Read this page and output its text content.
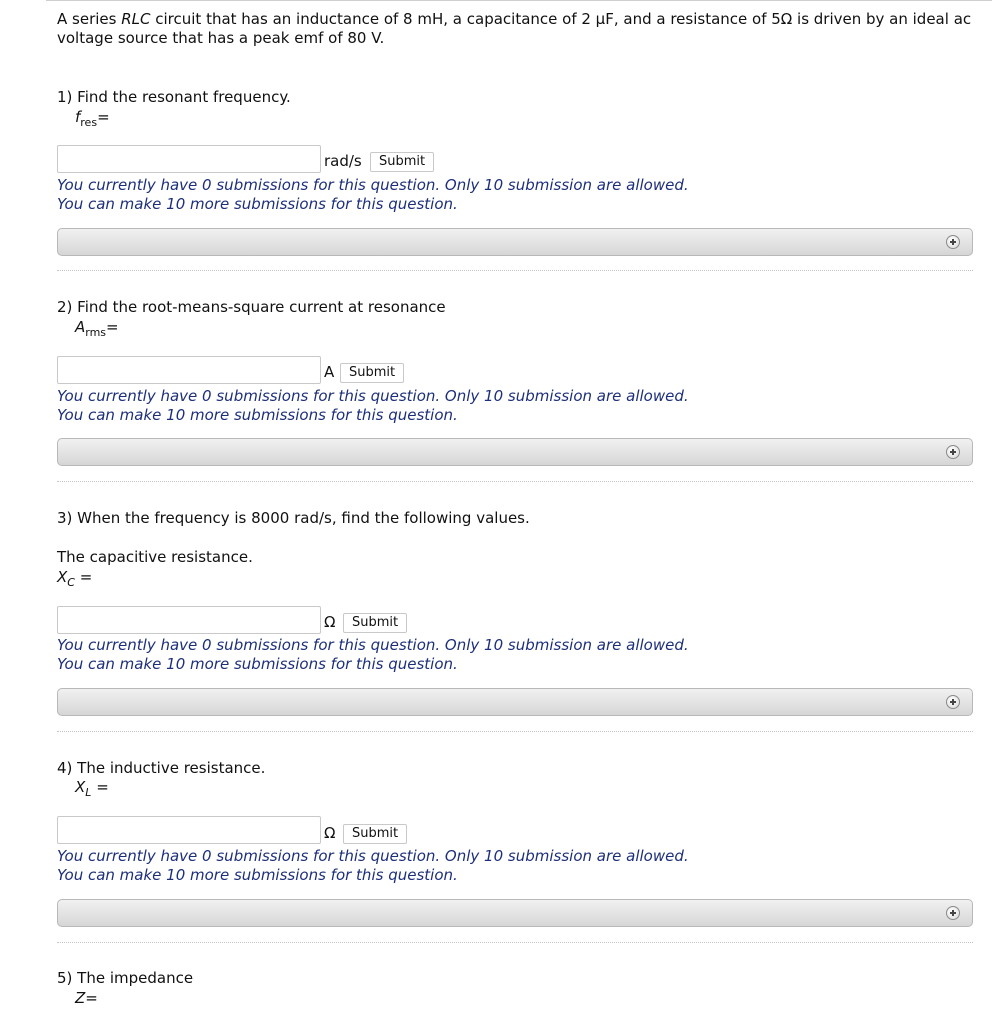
A series RLC circuit that has an inductance of 8 mH, a capacitance of 2 μF, and a resistance of 5Ω is driven by an ideal ac voltage source that has a peak emf of 80 V.
1) Find the resonant frequency.
$f_{res}=$
rad/s	Submit
You currently have 0 submissions for this question. Only 10 submission are allowed.
You can make 10 more submissions for this question.
2) Find the root-means-square current at resonance
$A_{rms}=$
A	Submit
You currently have 0 submissions for this question. Only 10 submission are allowed.
You can make 10 more submissions for this question.
3) When the frequency is 8000 rad/s, find the following values.
The capacitive resistance.
$X_C$ =
Ω	Submit
You currently have 0 submissions for this question. Only 10 submission are allowed.
You can make 10 more submissions for this question.
4) The inductive resistance.
$X_L$ =
Ω	Submit
You currently have 0 submissions for this question. Only 10 submission are allowed.
You can make 10 more submissions for this question.
5) The impedance
Z=
